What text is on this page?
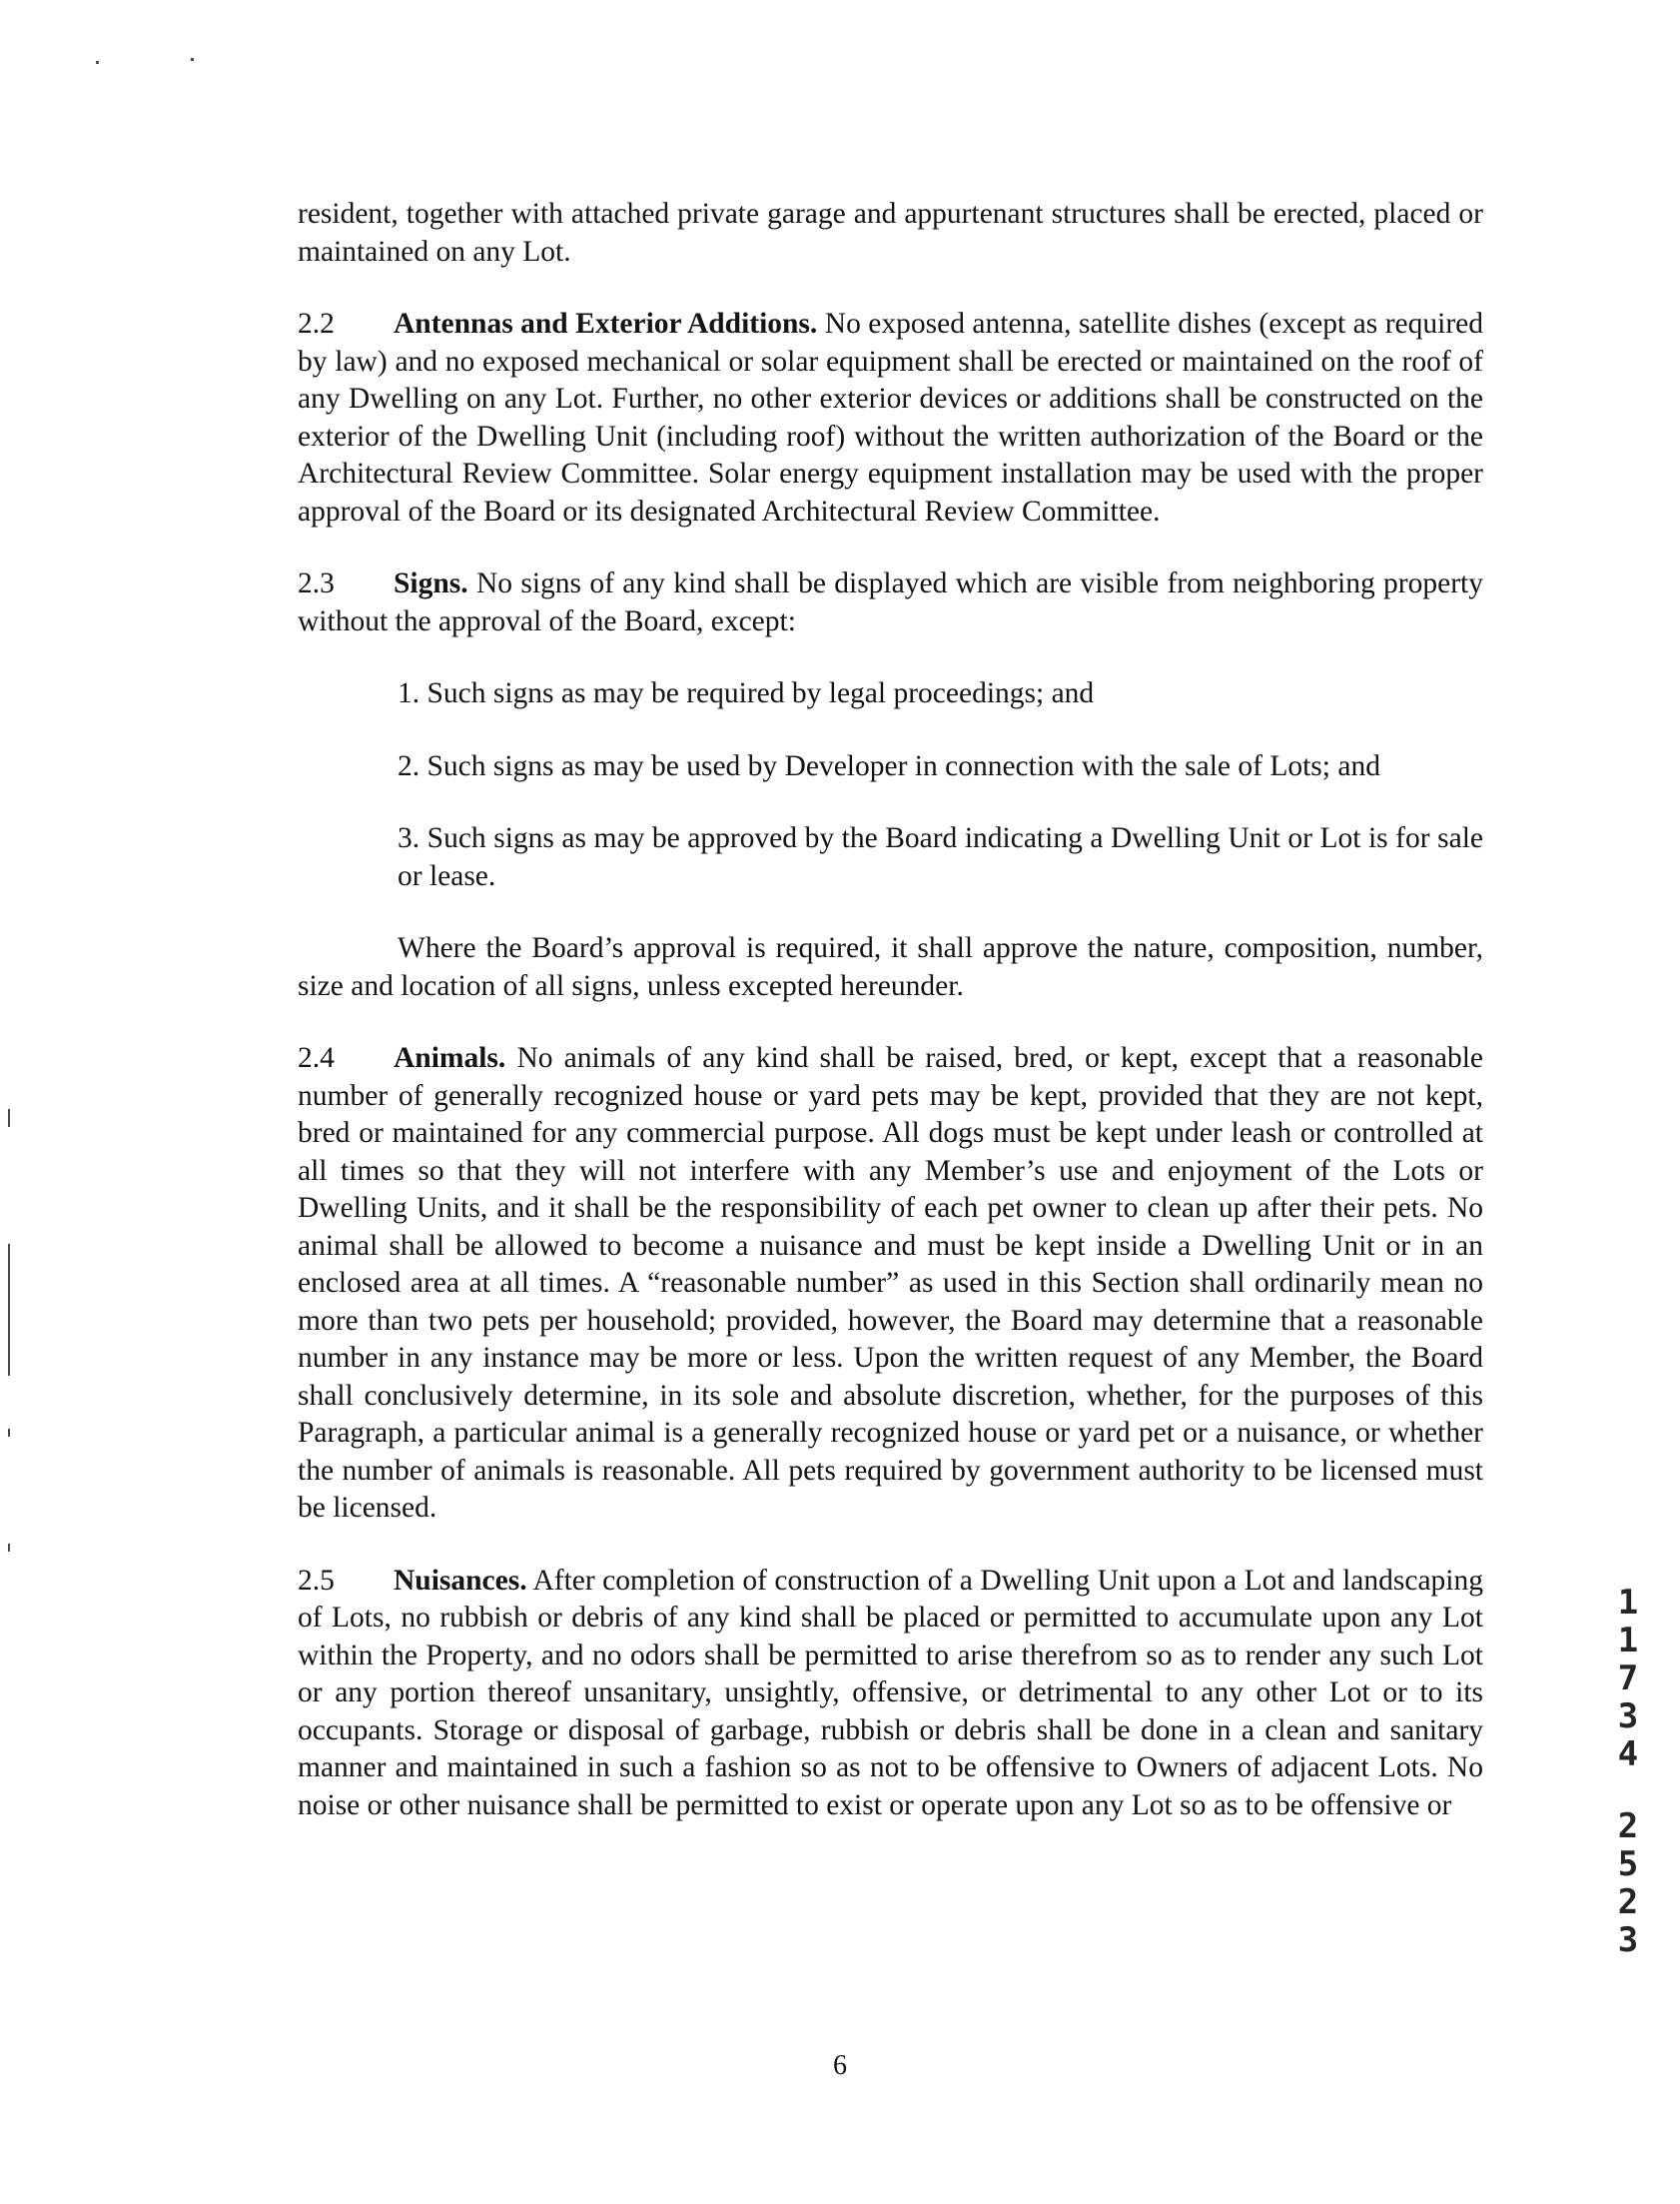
resident, together with attached private garage and appurtenant structures shall be erected, placed or maintained on any Lot.

2.2 Antennas and Exterior Additions. No exposed antenna, satellite dishes (except as required by law) and no exposed mechanical or solar equipment shall be erected or maintained on the roof of any Dwelling on any Lot. Further, no other exterior devices or additions shall be constructed on the exterior of the Dwelling Unit (including roof) without the written authorization of the Board or the Architectural Review Committee. Solar energy equipment installation may be used with the proper approval of the Board or its designated Architectural Review Committee.

2.3 Signs. No signs of any kind shall be displayed which are visible from neighboring property without the approval of the Board, except:

1. Such signs as may be required by legal proceedings; and

2. Such signs as may be used by Developer in connection with the sale of Lots; and

3. Such signs as may be approved by the Board indicating a Dwelling Unit or Lot is for sale or lease.

Where the Board’s approval is required, it shall approve the nature, composition, number, size and location of all signs, unless excepted hereunder.

2.4 Animals. No animals of any kind shall be raised, bred, or kept, except that a reasonable number of generally recognized house or yard pets may be kept, provided that they are not kept, bred or maintained for any commercial purpose. All dogs must be kept under leash or controlled at all times so that they will not interfere with any Member’s use and enjoyment of the Lots or Dwelling Units, and it shall be the responsibility of each pet owner to clean up after their pets. No animal shall be allowed to become a nuisance and must be kept inside a Dwelling Unit or in an enclosed area at all times. A “reasonable number” as used in this Section shall ordinarily mean no more than two pets per household; provided, however, the Board may determine that a reasonable number in any instance may be more or less. Upon the written request of any Member, the Board shall conclusively determine, in its sole and absolute discretion, whether, for the purposes of this Paragraph, a particular animal is a generally recognized house or yard pet or a nuisance, or whether the number of animals is reasonable. All pets required by government authority to be licensed must be licensed.

2.5 Nuisances. After completion of construction of a Dwelling Unit upon a Lot and landscaping of Lots, no rubbish or debris of any kind shall be placed or permitted to accumulate upon any Lot within the Property, and no odors shall be permitted to arise therefrom so as to render any such Lot or any portion thereof unsanitary, unsightly, offensive, or detrimental to any other Lot or to its occupants. Storage or disposal of garbage, rubbish or debris shall be done in a clean and sanitary manner and maintained in such a fashion so as not to be offensive to Owners of adjacent Lots. No noise or other nuisance shall be permitted to exist or operate upon any Lot so as to be offensive or

6
1
1
7
3
4
2
5
2
3
